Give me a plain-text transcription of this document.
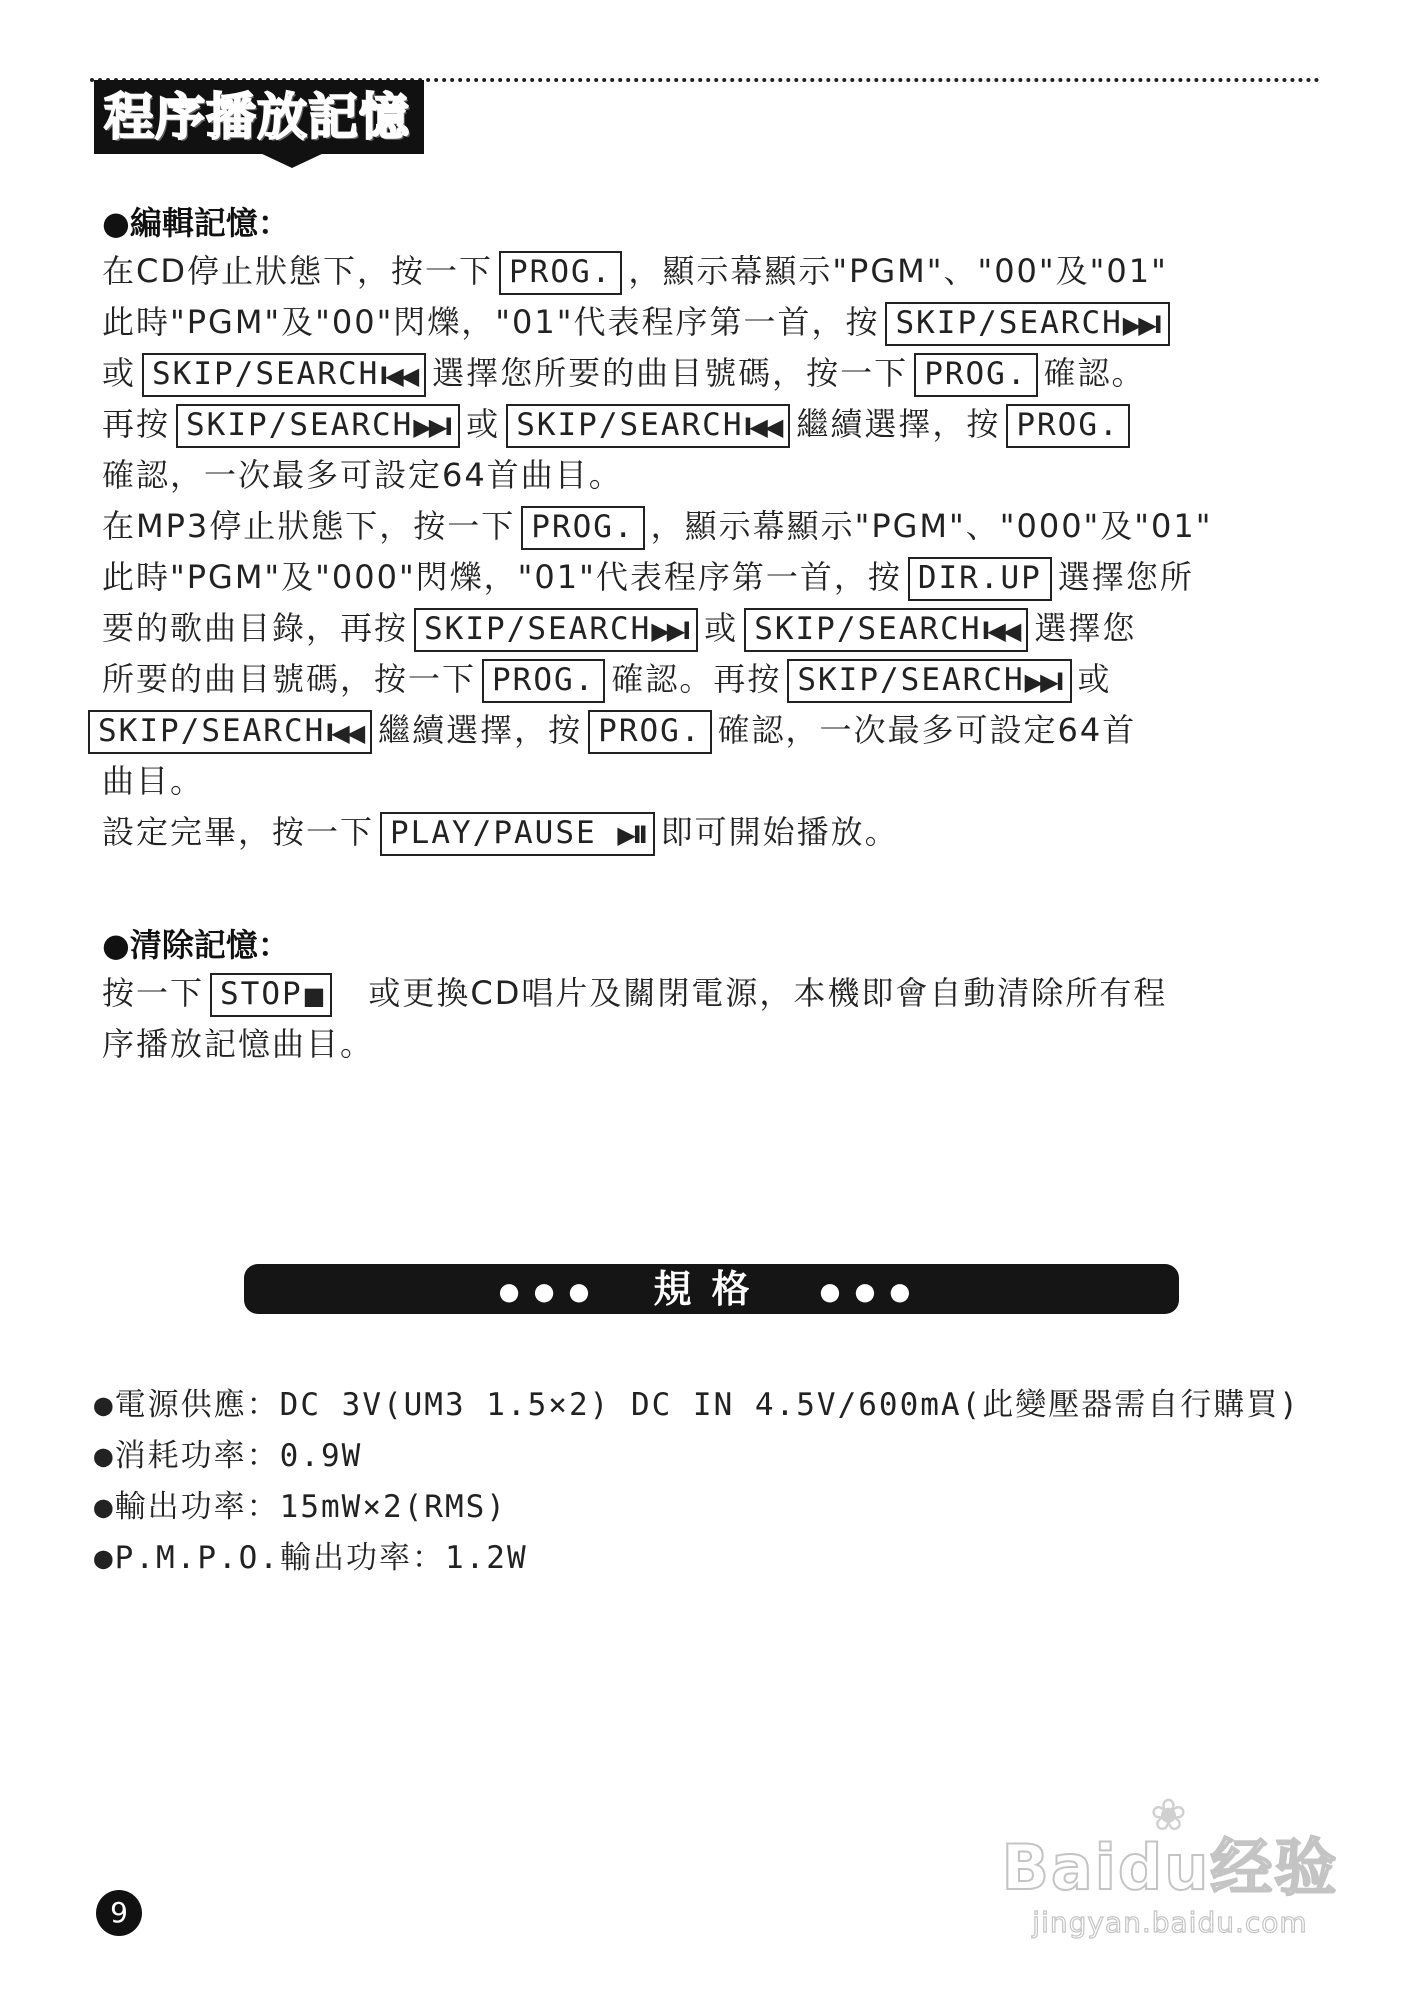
程序播放記憶
●編輯記憶：
在CD停止狀態下，按一下 PROG. ，顯示幕顯示"PGM"、"00"及"01"
此時"PGM"及"00"閃爍，"01"代表程序第一首，按 SKIP/SEARCH▶▶I
或 SKIP/SEARCHI◀◀ 選擇您所要的曲目號碼，按一下 PROG. 確認。
再按 SKIP/SEARCH▶▶I 或 SKIP/SEARCHI◀◀ 繼續選擇，按 PROG.
確認，一次最多可設定64首曲目。
在MP3停止狀態下，按一下 PROG. ，顯示幕顯示"PGM"、"000"及"01"
此時"PGM"及"000"閃爍，"01"代表程序第一首，按 DIR.UP 選擇您所
要的歌曲目錄，再按 SKIP/SEARCH▶▶I 或 SKIP/SEARCHI◀◀ 選擇您
所要的曲目號碼，按一下 PROG. 確認。再按 SKIP/SEARCH▶▶I 或
SKIP/SEARCHI◀◀ 繼續選擇，按 PROG. 確認，一次最多可設定64首
曲目。
設定完畢，按一下 PLAY/PAUSE ▶II 即可開始播放。
●清除記憶：
按一下 STOP■ 或更換CD唱片及關閉電源，本機即會自動清除所有程
序播放記憶曲目。
●●● 規格 ●●●
●電源供應：DC 3V(UM3 1.5×2) DC IN 4.5V/600mA(此變壓器需自行購買)
●消耗功率：0.9W
●輸出功率：15mW×2(RMS)
●P.M.P.O.輸出功率：1.2W
9
❀
Baidu经验
jingyan.baidu.com
